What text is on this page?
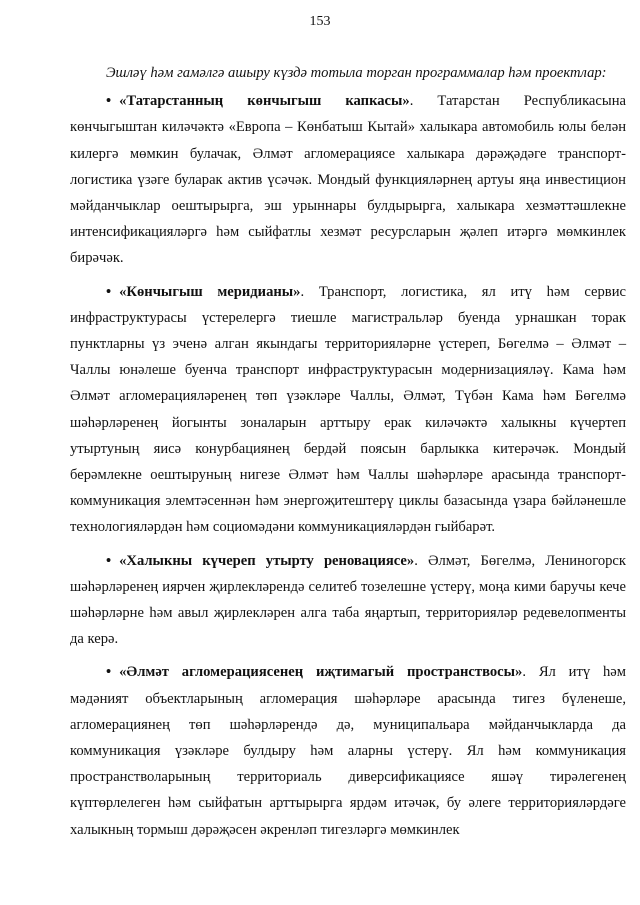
153

Эшләү һәм гамәлгә ашыру күздә тотыла торган программалар һәм проектлар:

• «Татарстанның көнчыгыш капкасы». Татарстан Республикасына көнчыгыштан киләчәктә «Европа – Көнбатыш Кытай» халыкара автомобиль юлы белән килергә мөмкин булачак, Әлмәт агломерациясе халыкара дәрәҗәдәге транспорт-логистика үзәге буларак актив үсәчәк. Мондый функцияләрнең артуы яңа инвестицион мәйданчыклар оештырырга, эш урыннары булдырырга, халыкара хезмәттәшлекне интенсификацияләргә һәм сыйфатлы хезмәт ресурсларын җәлеп итәргә мөмкинлек бирәчәк.

• «Көнчыгыш меридианы». Транспорт, логистика, ял итү һәм сервис инфраструктурасы үстерелергә тиешле магистральләр буенда урнашкан торак пунктларны үз эченә алган якындагы территорияләрне үстереп, Бөгелмә – Әлмәт – Чаллы юнәлеше буенча транспорт инфраструктурасын модернизацияләү. Кама һәм Әлмәт агломерацияләренең төп үзәкләре Чаллы, Әлмәт, Түбән Кама һәм Бөгелмә шәһәрләренең йогынты зоналарын арттыру ерак киләчәктә халыкны күчертеп утыртуның яисә конурбациянең бердәй поясын барлыкка китерәчәк. Мондый берәмлекне оештыруның нигезе Әлмәт һәм Чаллы шәһәрләре арасында транспорт-коммуникация элемтәсеннән һәм энергоҗитештерү циклы базасында үзара бәйләнешле технологияләрдән һәм социомәдәни коммуникацияләрдән гыйбарәт.

• «Халыкны күчереп утырту реновациясе». Әлмәт, Бөгелмә, Лениногорск шәһәрләренең иярчен җирлекләрендә селитеб тозелешне үстерү, моңа кими баручы кече шәһәрләрне һәм авыл җирлекләрен алга таба яңартып, территорияләр редевелопменты да керә.

• «Әлмәт агломерациясенең иҗтимагый пространствосы». Ял итү һәм мәдәният объектларының агломерация шәһәрләре арасында тигез бүленеше, агломерациянең төп шәһәрләрендә дә, муниципальара мәйданчыкларда да коммуникация үзәкләре булдыру һәм аларны үстерү. Ял һәм коммуникация пространстволарының территориаль диверсификациясе яшәү тирәлегенең күптөрлелеген һәм сыйфатын арттырырга ярдәм итәчәк, бу әлеге территорияләрдәге халыкның тормыш дәрәҗәсен әкренләп тигезләргә мөмкинлек
